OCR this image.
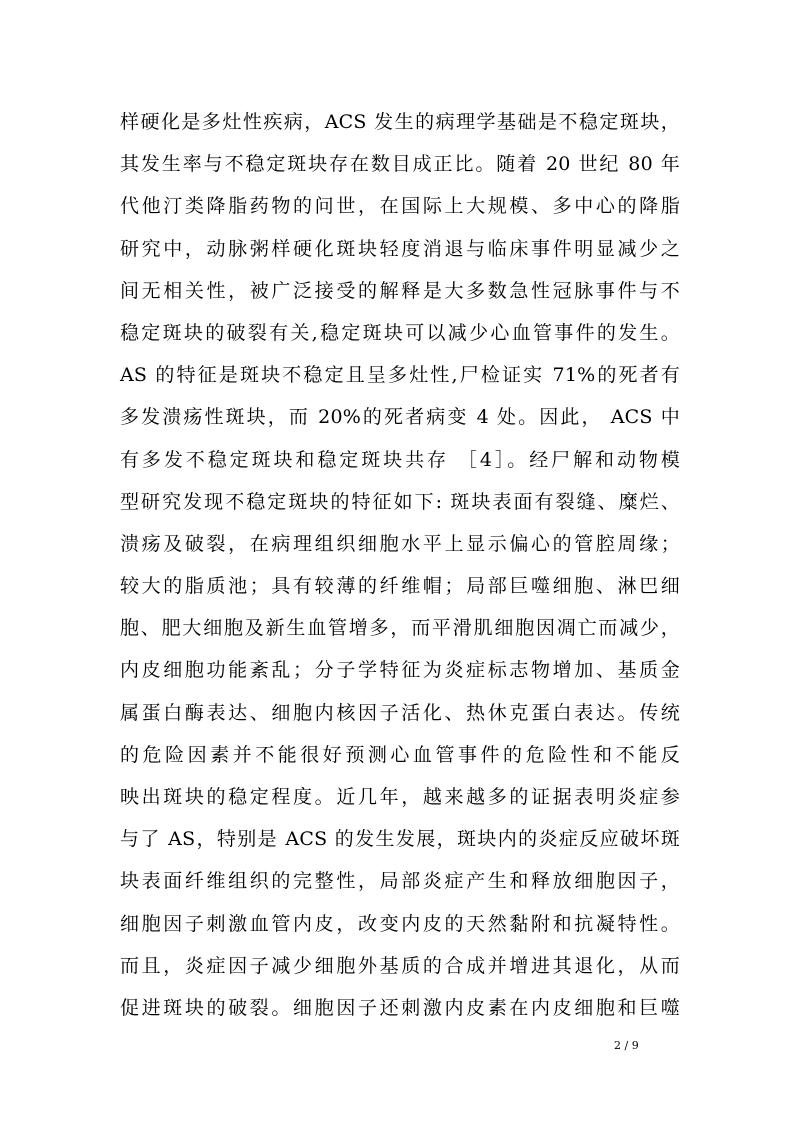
样硬化是多灶性疾病，ACS 发生的病理学基础是不稳定斑块，
其发生率与不稳定斑块存在数目成正比。随着 20 世纪 80 年
代他汀类降脂药物的问世，在国际上大规模、多中心的降脂
研究中，动脉粥样硬化斑块轻度消退与临床事件明显减少之
间无相关性，被广泛接受的解释是大多数急性冠脉事件与不
稳定斑块的破裂有关,稳定斑块可以减少心血管事件的发生。
AS 的特征是斑块不稳定且呈多灶性,尸检证实 71%的死者有
多发溃疡性斑块，而 20%的死者病变 4 处。因此， ACS 中
有多发不稳定斑块和稳定斑块共存 ［4］。经尸解和动物模
型研究发现不稳定斑块的特征如下: 斑块表面有裂缝、糜烂、
溃疡及破裂，在病理组织细胞水平上显示偏心的管腔周缘；
较大的脂质池；具有较薄的纤维帽；局部巨噬细胞、淋巴细
胞、肥大细胞及新生血管增多，而平滑肌细胞因凋亡而减少，
内皮细胞功能紊乱；分子学特征为炎症标志物增加、基质金
属蛋白酶表达、细胞内核因子活化、热休克蛋白表达。传统
的危险因素并不能很好预测心血管事件的危险性和不能反
映出斑块的稳定程度。近几年，越来越多的证据表明炎症参
与了 AS，特别是 ACS 的发生发展，斑块内的炎症反应破坏斑
块表面纤维组织的完整性，局部炎症产生和释放细胞因子，
细胞因子刺激血管内皮，改变内皮的天然黏附和抗凝特性。
而且，炎症因子减少细胞外基质的合成并增进其退化，从而
促进斑块的破裂。细胞因子还刺激内皮素在内皮细胞和巨噬
2 / 9
